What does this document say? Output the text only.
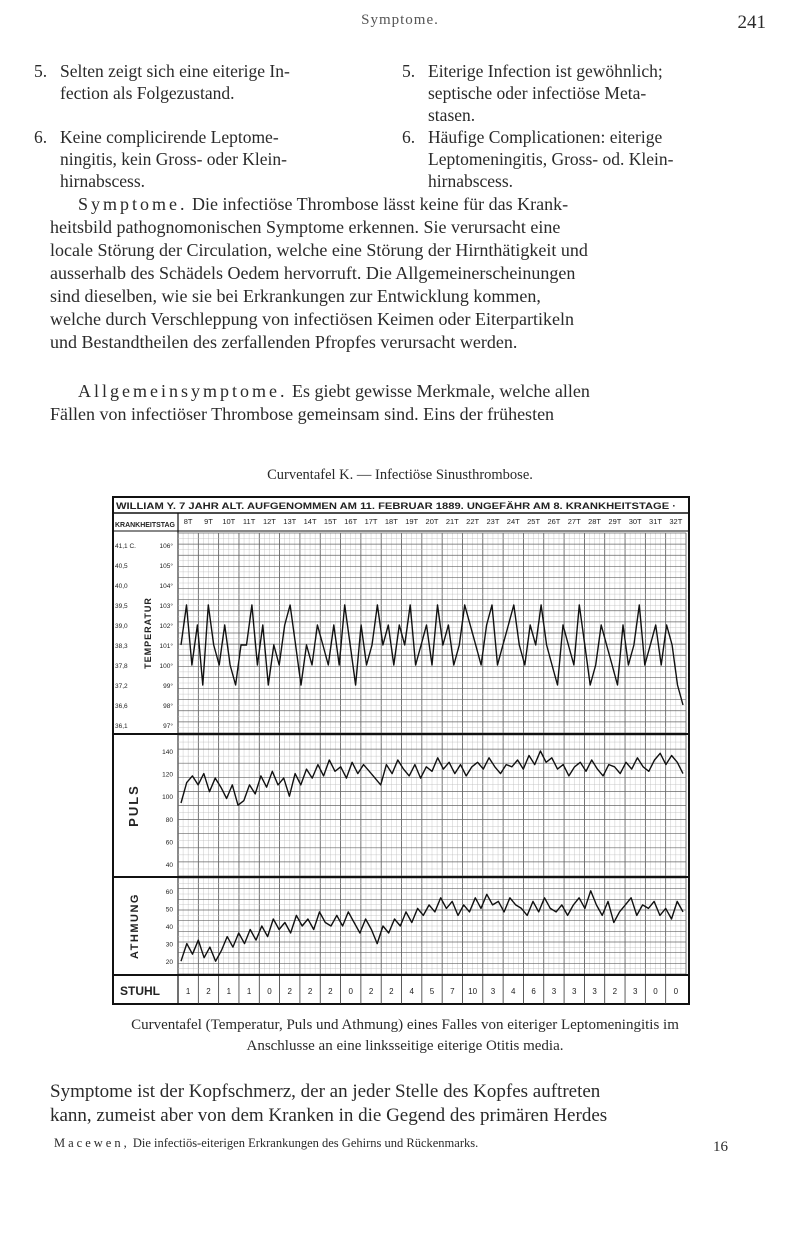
Symptome.	241
5. Selten zeigt sich eine eiterige In-
fection als Folgezustand.
6. Keine complicirende Leptome-
ningitis, kein Gross- oder Klein-
hirnabscess.
5. Eiterige Infection ist gewöhnlich;
septische oder infectiöse Meta-
stasen.
6. Häufige Complicationen: eiterige
Leptomeningitis, Gross- od. Klein-
hirnabscess.
Symptome. Die infectiöse Thrombose lässt keine für das Krank-
heitsbild pathognomonischen Symptome erkennen. Sie verursacht eine
locale Störung der Circulation, welche eine Störung der Hirnthätigkeit und
ausserhalb des Schädels Oedem hervorruft. Die Allgemeinerscheinungen
sind dieselben, wie sie bei Erkrankungen zur Entwicklung kommen,
welche durch Verschleppung von infectiösen Keimen oder Eiterpartikeln
und Bestandtheilen des zerfallenden Pfropfes verursacht werden.
Allgemeinsymptome. Es giebt gewisse Merkmale, welche allen
Fällen von infectiöser Thrombose gemeinsam sind. Eins der frühesten
Curventafel K. — Infectiöse Sinusthrombose.
WILLIAM Y. 7 JAHR ALT. AUFGENOMMEN AM 11. FEBRUAR 1889. UNGEFÄHR AM 8. KRANKHEITSTAGE ·
KRANKHEITSTAG 8T 9T 10T 11T 12T 13T 14T 15T 16T 17T 18T 19T 20T 21T 22T 23T 24T 25T 26T 27T 28T 29T 30T 31T 32T
41,1 C.	106°
40,5	105°
40,0	104°
39,5	103°
39,0	102°
38,3	101°
37,8	100°
37,2	99°
36,6	98°
36,1	97°
TEMPERATUR
140
120
100
80
60
40
PULS
60
50
40
30
20
ATHMUNG
STUHL	1 2 1 1 0 2 2 2 0 2 2 4 5 7 10 3 4 6 3 3 3 2 3 0 0
Curventafel (Temperatur, Puls und Athmung) eines Falles von eiteriger Leptomeningitis im
Anschlusse an eine linksseitige eiterige Otitis media.
Symptome ist der Kopfschmerz, der an jeder Stelle des Kopfes auftreten
kann, zumeist aber von dem Kranken in die Gegend des primären Herdes
Macewen, Die infectiös-eiterigen Erkrankungen des Gehirns und Rückenmarks.	16
